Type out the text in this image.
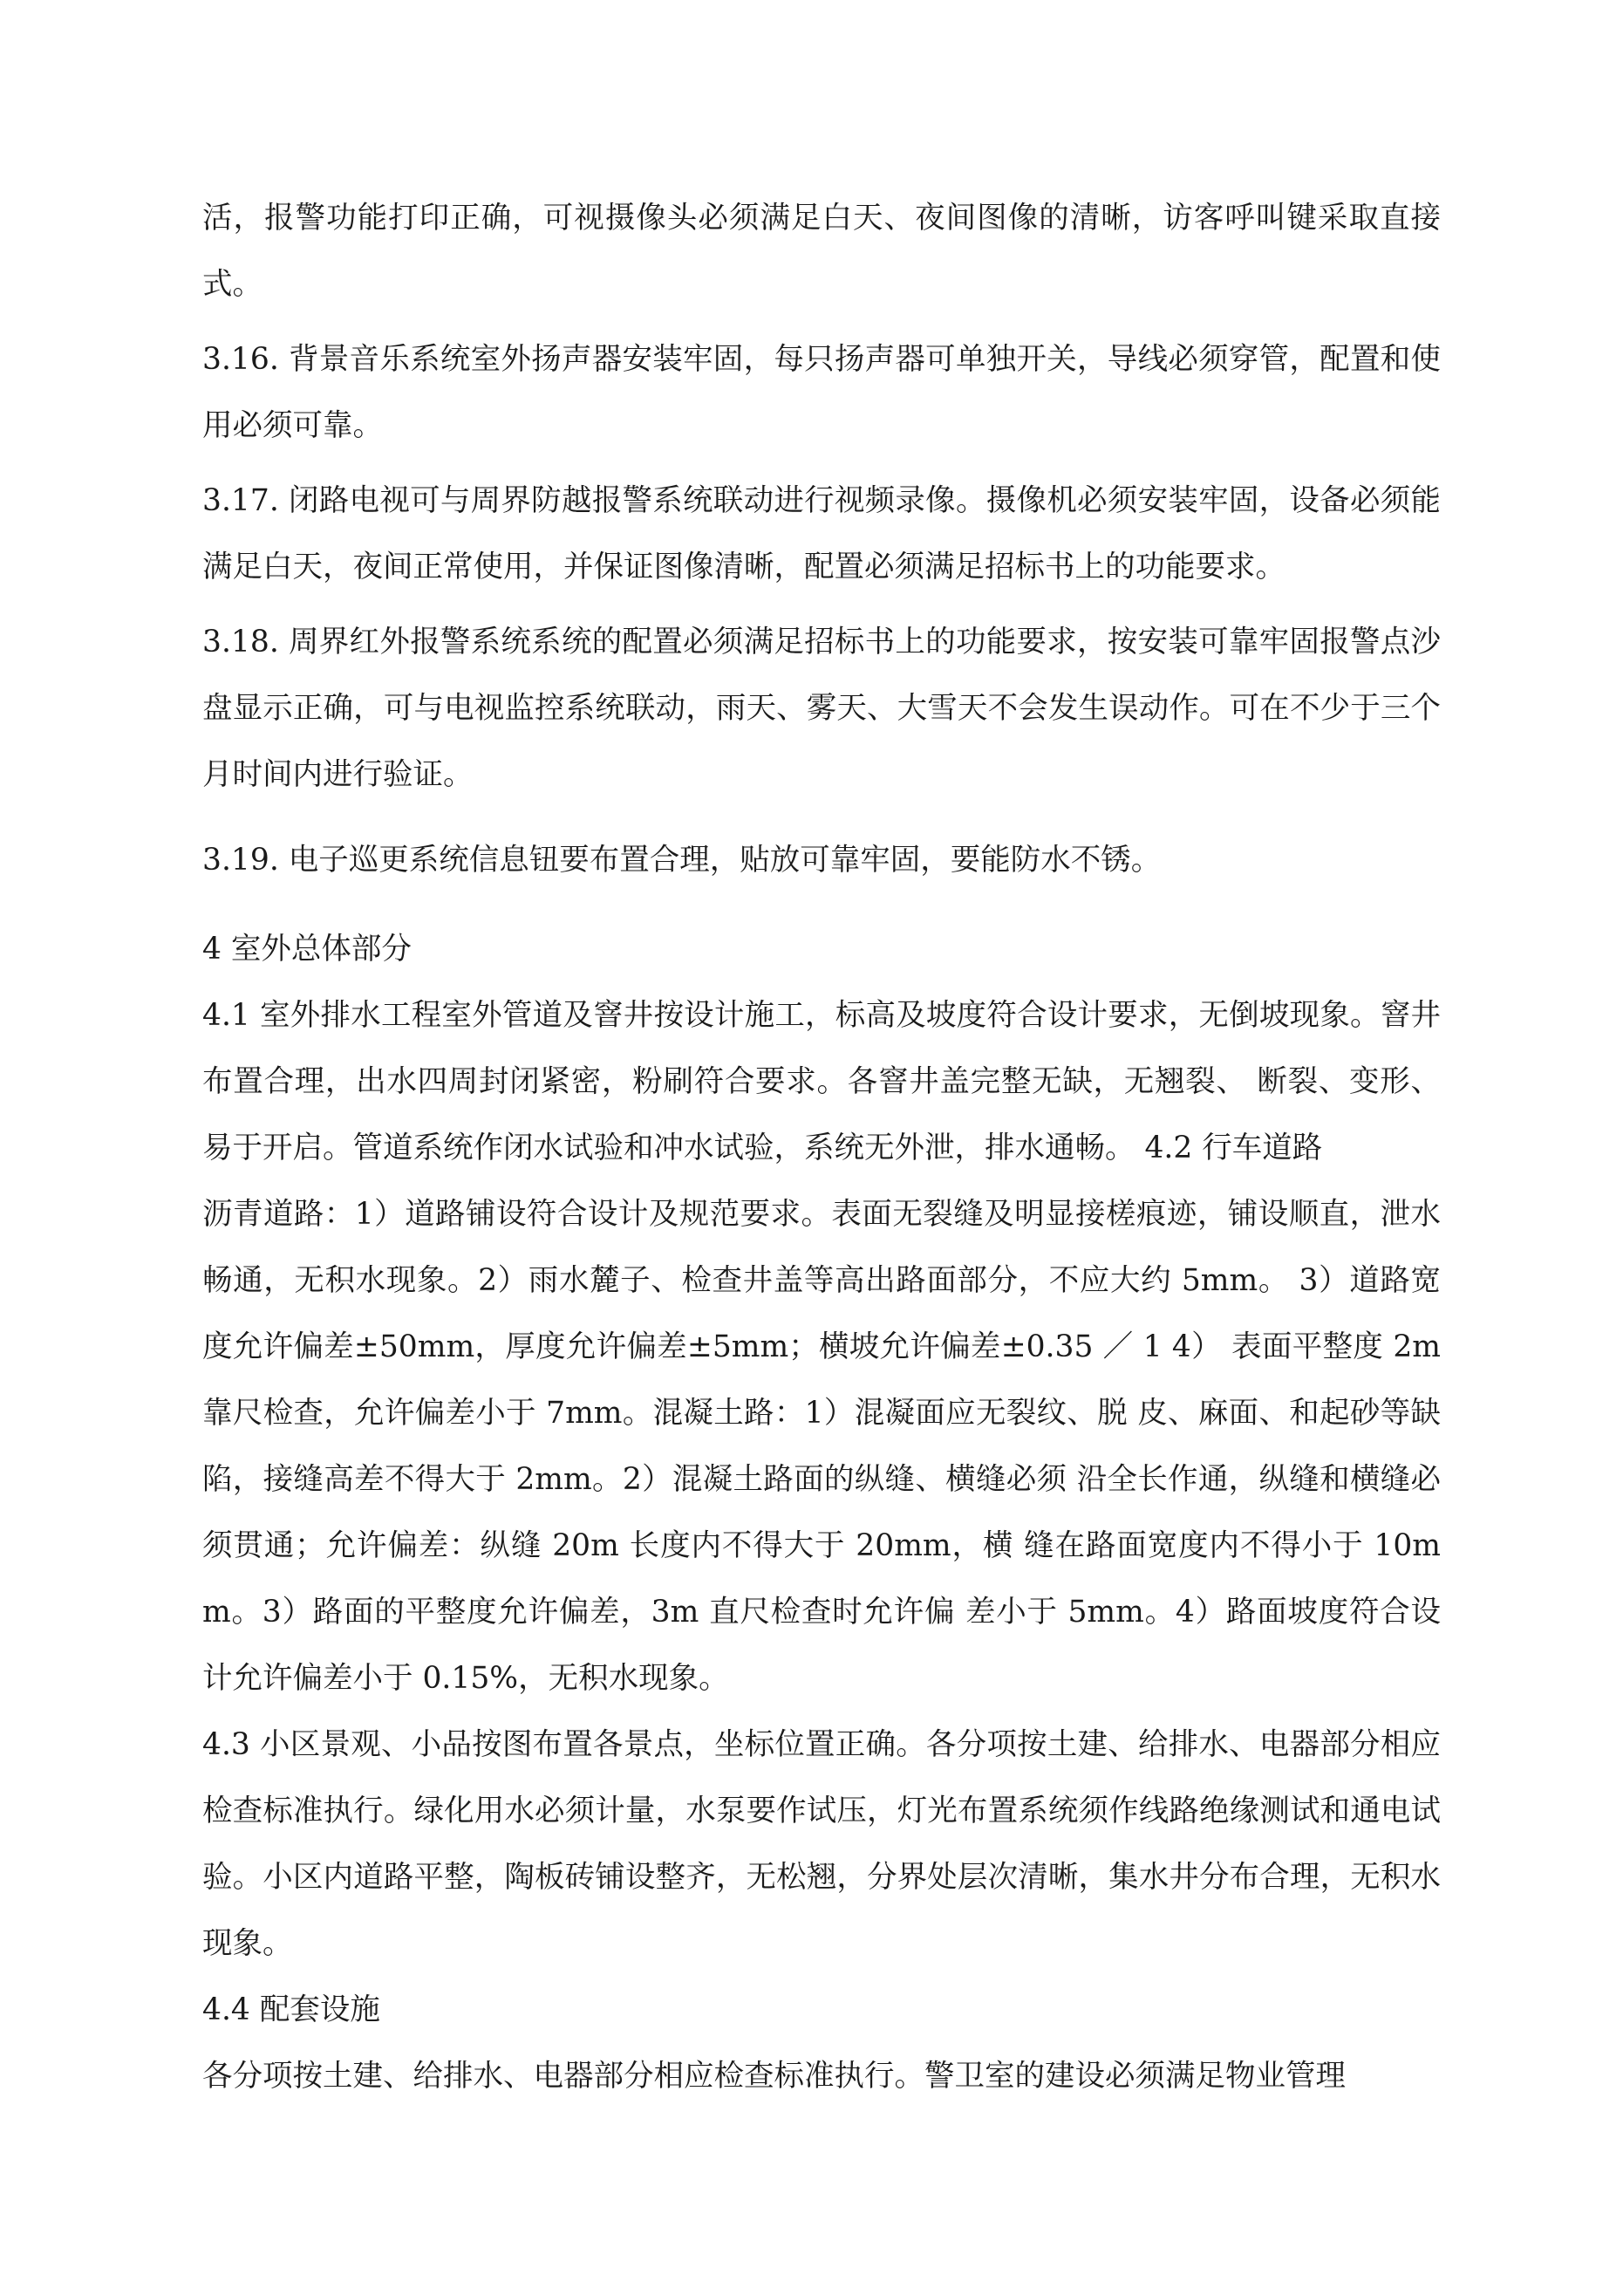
活，报警功能打印正确，可视摄像头必须满足白天、夜间图像的清晰，访客呼叫键采取直接式。

3.16. 背景音乐系统室外扬声器安装牢固，每只扬声器可单独开关，导线必须穿管，配置和使用必须可靠。

3.17. 闭路电视可与周界防越报警系统联动进行视频录像。摄像机必须安装牢固，设备必须能满足白天，夜间正常使用，并保证图像清晰，配置必须满足招标书上的功能要求。

3.18. 周界红外报警系统系统的配置必须满足招标书上的功能要求，按安装可靠牢固报警点沙盘显示正确，可与电视监控系统联动，雨天、雾天、大雪天不会发生误动作。可在不少于三个月时间内进行验证。

3.19. 电子巡更系统信息钮要布置合理，贴放可靠牢固，要能防水不锈。

4 室外总体部分

4.1 室外排水工程室外管道及窨井按设计施工，标高及坡度符合设计要求，无倒坡现象。窨井布置合理，出水四周封闭紧密，粉刷符合要求。各窨井盖完整无缺，无翘裂、 断裂、变形、易于开启。管道系统作闭水试验和冲水试验，系统无外泄，排水通畅。 4.2 行车道路

沥青道路：1）道路铺设符合设计及规范要求。表面无裂缝及明显接槎痕迹，铺设顺直，泄水畅通，无积水现象。2）雨水麓子、检查井盖等高出路面部分，不应大约 5mm。 3）道路宽度允许偏差±50mm，厚度允许偏差±5mm；横坡允许偏差±0.35 ／ 1 4） 表面平整度 2m 靠尺检查，允许偏差小于 7mm。混凝土路：1）混凝面应无裂纹、脱 皮、麻面、和起砂等缺陷，接缝高差不得大于 2mm。2）混凝土路面的纵缝、横缝必须 沿全长作通，纵缝和横缝必须贯通；允许偏差：纵缝 20m 长度内不得大于 20mm，横 缝在路面宽度内不得小于 10mm。3）路面的平整度允许偏差，3m 直尺检查时允许偏 差小于 5mm。4）路面坡度符合设计允许偏差小于 0.15%，无积水现象。

4.3 小区景观、小品按图布置各景点，坐标位置正确。各分项按土建、给排水、电器部分相应检查标准执行。绿化用水必须计量，水泵要作试压，灯光布置系统须作线路绝缘测试和通电试验。小区内道路平整，陶板砖铺设整齐，无松翘，分界处层次清晰，集水井分布合理，无积水现象。

4.4 配套设施

各分项按土建、给排水、电器部分相应检查标准执行。警卫室的建设必须满足物业管理
